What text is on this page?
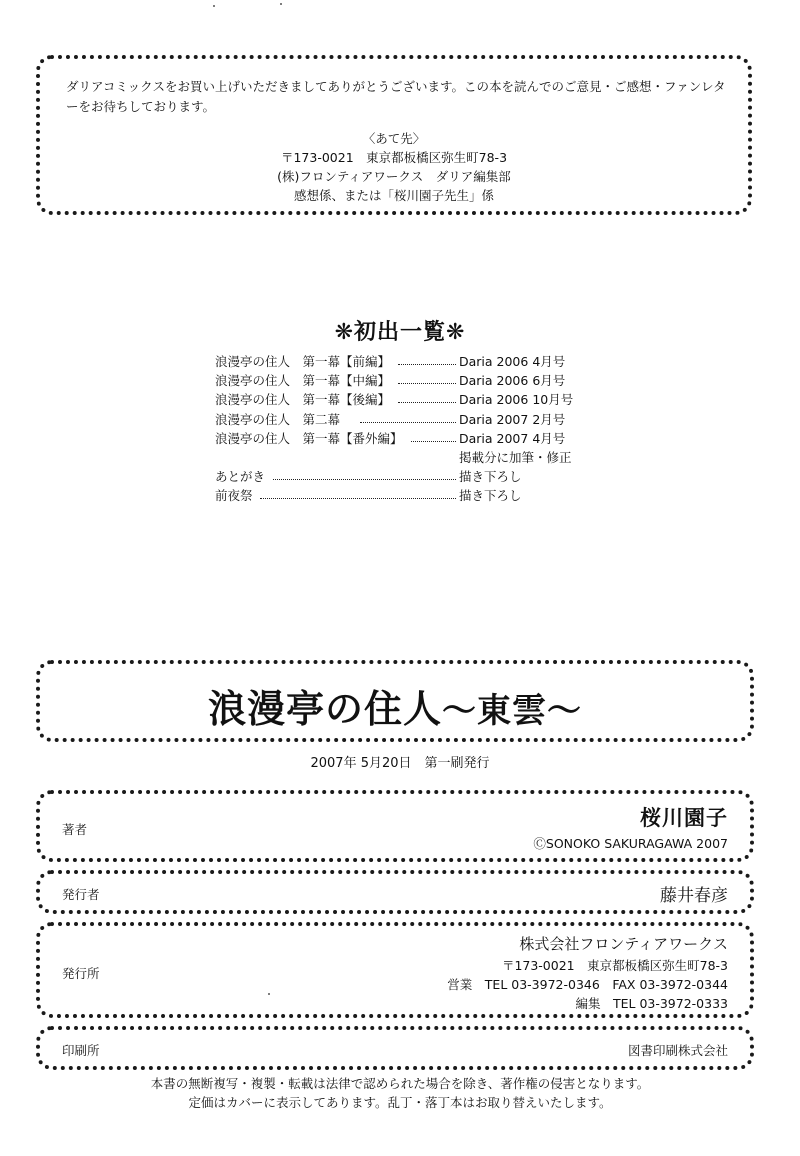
ダリアコミックスをお買い上げいただきましてありがとうございます。この本を読んでのご意見・ご感想・ファンレターをお待ちしております。
〈あて先〉
〒173-0021　東京都板橋区弥生町78-3
(株)フロンティアワークス　ダリア編集部
感想係、または「桜川園子先生」係
❋初出一覧❋
浪漫亭の住人　第一幕【前編】	Daria 2006 4月号
浪漫亭の住人　第一幕【中編】	Daria 2006 6月号
浪漫亭の住人　第一幕【後編】	Daria 2006 10月号
浪漫亭の住人　第二幕	Daria 2007 2月号
浪漫亭の住人　第一幕【番外編】	Daria 2007 4月号
掲載分に加筆・修正
あとがき	描き下ろし
前夜祭	描き下ろし
浪漫亭の住人～東雲～
2007年 5月20日　第一刷発行
著者	桜川園子
ⒸSONOKO SAKURAGAWA 2007
発行者	藤井春彦
発行所
株式会社フロンティアワークス
〒173-0021　東京都板橋区弥生町78-3
営業　TEL 03-3972-0346　FAX 03-3972-0344
編集　TEL 03-3972-0333
印刷所	図書印刷株式会社
本書の無断複写・複製・転載は法律で認められた場合を除き、著作権の侵害となります。
定価はカバーに表示してあります。乱丁・落丁本はお取り替えいたします。
